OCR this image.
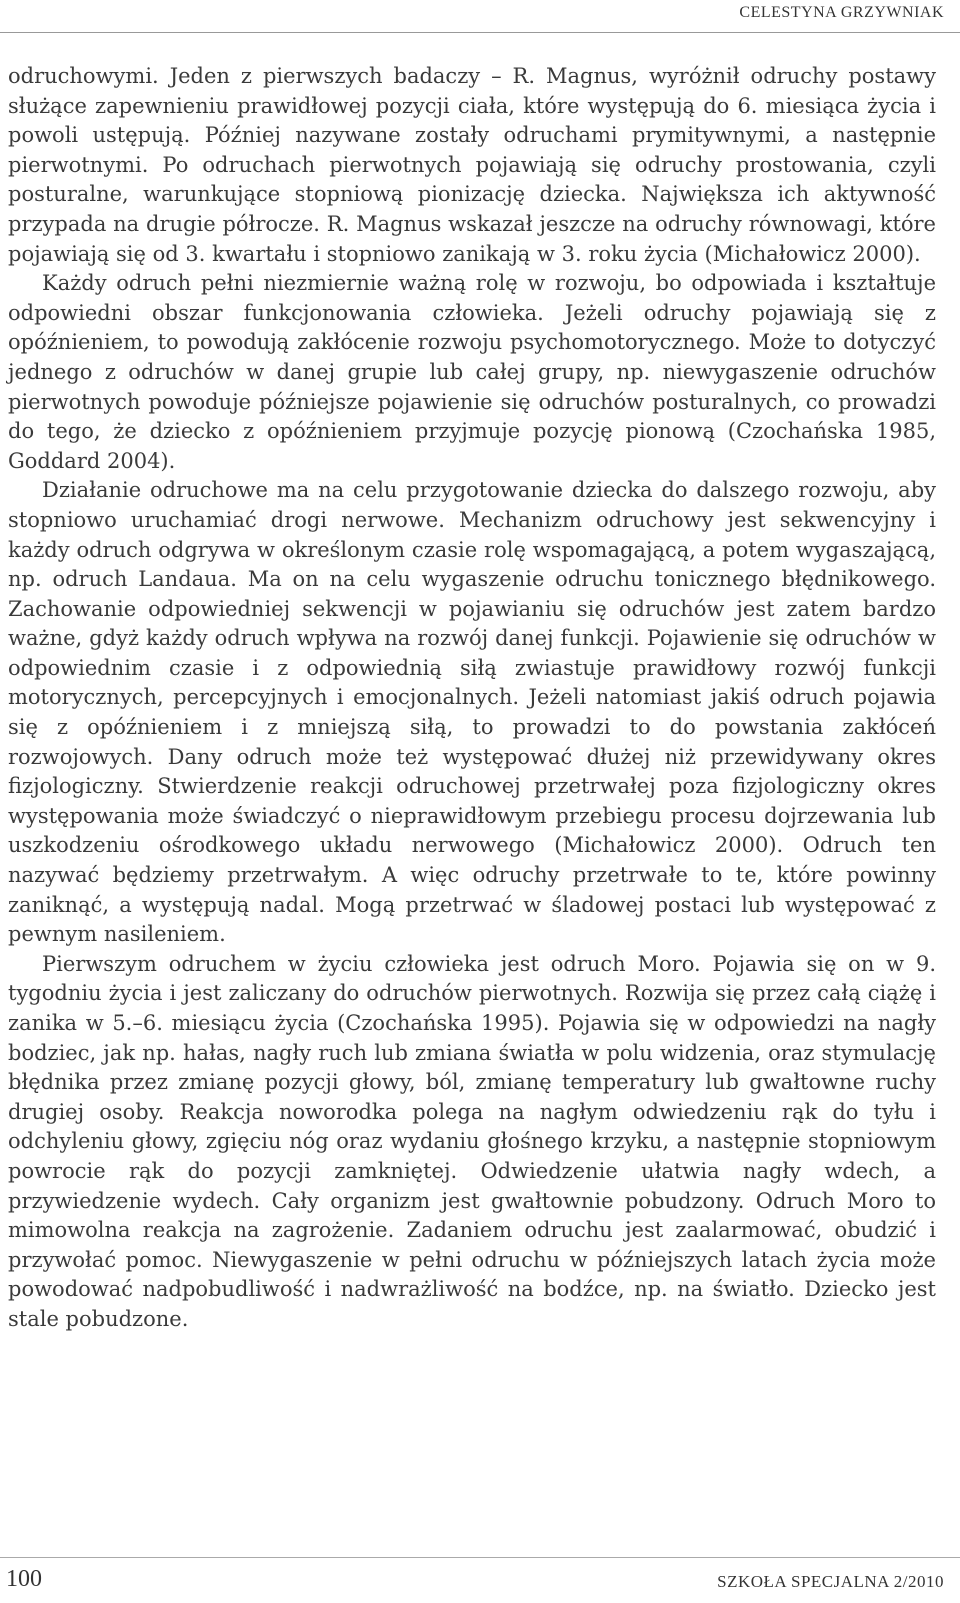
CELESTYNA GRZYWNIAK

odruchowymi. Jeden z pierwszych badaczy – R. Magnus, wyróżnił odruchy postawy służące zapewnieniu prawidłowej pozycji ciała, które występują do 6. miesiąca życia i powoli ustępują. Później nazywane zostały odruchami prymitywnymi, a następnie pierwotnymi. Po odruchach pierwotnych pojawiają się odruchy prostowania, czyli posturalne, warunkujące stopniową pionizację dziecka. Największa ich aktywność przypada na drugie półrocze. R. Magnus wskazał jeszcze na odruchy równowagi, które pojawiają się od 3. kwartału i stopniowo zanikają w 3. roku życia (Michałowicz 2000).

Każdy odruch pełni niezmiernie ważną rolę w rozwoju, bo odpowiada i kształtuje odpowiedni obszar funkcjonowania człowieka. Jeżeli odruchy pojawiają się z opóźnieniem, to powodują zakłócenie rozwoju psychomotorycznego. Może to dotyczyć jednego z odruchów w danej grupie lub całej grupy, np. niewygaszenie odruchów pierwotnych powoduje późniejsze pojawienie się odruchów posturalnych, co prowadzi do tego, że dziecko z opóźnieniem przyjmuje pozycję pionową (Czochańska 1985, Goddard 2004).

Działanie odruchowe ma na celu przygotowanie dziecka do dalszego rozwoju, aby stopniowo uruchamiać drogi nerwowe. Mechanizm odruchowy jest sekwencyjny i każdy odruch odgrywa w określonym czasie rolę wspomagającą, a potem wygaszającą, np. odruch Landaua. Ma on na celu wygaszenie odruchu tonicznego błędnikowego. Zachowanie odpowiedniej sekwencji w pojawianiu się odruchów jest zatem bardzo ważne, gdyż każdy odruch wpływa na rozwój danej funkcji. Pojawienie się odruchów w odpowiednim czasie i z odpowiednią siłą zwiastuje prawidłowy rozwój funkcji motorycznych, percepcyjnych i emocjonalnych. Jeżeli natomiast jakiś odruch pojawia się z opóźnieniem i z mniejszą siłą, to prowadzi to do powstania zakłóceń rozwojowych. Dany odruch może też występować dłużej niż przewidywany okres fizjologiczny. Stwierdzenie reakcji odruchowej przetrwałej poza fizjologiczny okres występowania może świadczyć o nieprawidłowym przebiegu procesu dojrzewania lub uszkodzeniu ośrodkowego układu nerwowego (Michałowicz 2000). Odruch ten nazywać będziemy przetrwałym. A więc odruchy przetrwałe to te, które powinny zaniknąć, a występują nadal. Mogą przetrwać w śladowej postaci lub występować z pewnym nasileniem.

Pierwszym odruchem w życiu człowieka jest odruch Moro. Pojawia się on w 9. tygodniu życia i jest zaliczany do odruchów pierwotnych. Rozwija się przez całą ciążę i zanika w 5.–6. miesiącu życia (Czochańska 1995). Pojawia się w odpowiedzi na nagły bodziec, jak np. hałas, nagły ruch lub zmiana światła w polu widzenia, oraz stymulację błędnika przez zmianę pozycji głowy, ból, zmianę temperatury lub gwałtowne ruchy drugiej osoby. Reakcja noworodka polega na nagłym odwiedzeniu rąk do tyłu i odchyleniu głowy, zgięciu nóg oraz wydaniu głośnego krzyku, a następnie stopniowym powrocie rąk do pozycji zamkniętej. Odwiedzenie ułatwia nagły wdech, a przywiedzenie wydech. Cały organizm jest gwałtownie pobudzony. Odruch Moro to mimowolna reakcja na zagrożenie. Zadaniem odruchu jest zaalarmować, obudzić i przywołać pomoc. Niewygaszenie w pełni odruchu w późniejszych latach życia może powodować nadpobudliwość i nadwrażliwość na bodźce, np. na światło. Dziecko jest stale pobudzone.

100	SZKOŁA SPECJALNA 2/2010
